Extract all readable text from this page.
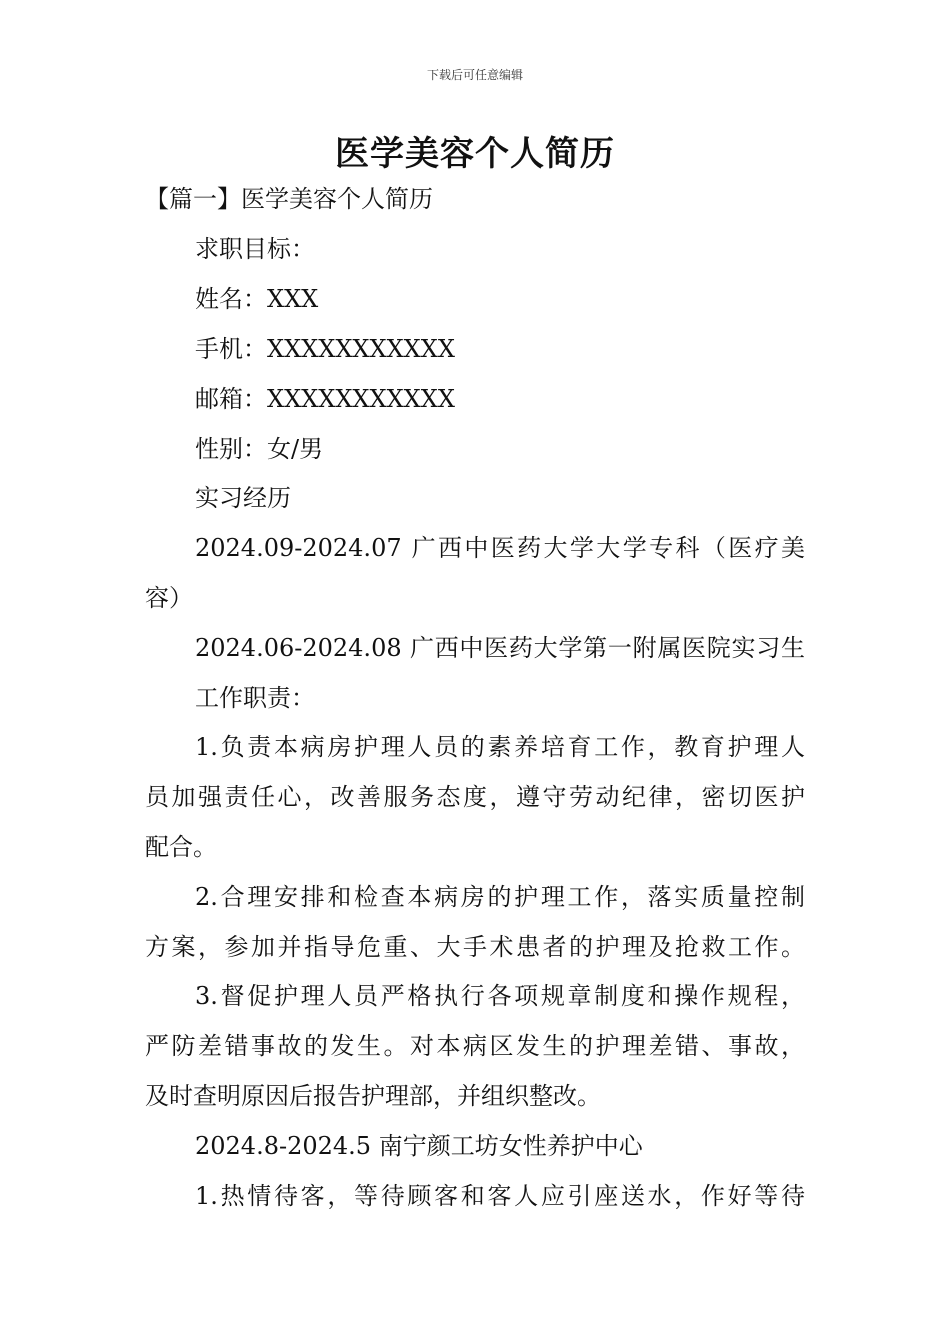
下载后可任意编辑
医学美容个人简历
【篇一】医学美容个人简历
求职目标：
姓名：XXX
手机：XXXXXXXXXXX
邮箱：XXXXXXXXXXX
性别：女/男
实习经历
2024.09-2024.07 广西中医药大学大学专科（医疗美
容）
2024.06-2024.08 广西中医药大学第一附属医院实习生
工作职责：
1.负责本病房护理人员的素养培育工作，教育护理人
员加强责任心，改善服务态度，遵守劳动纪律，密切医护
配合。
2.合理安排和检查本病房的护理工作，落实质量控制
方案，参加并指导危重、大手术患者的护理及抢救工作。
3.督促护理人员严格执行各项规章制度和操作规程，
严防差错事故的发生。对本病区发生的护理差错、事故，
及时查明原因后报告护理部，并组织整改。
2024.8-2024.5 南宁颜工坊女性养护中心
1.热情待客，等待顾客和客人应引座送水，作好等待
